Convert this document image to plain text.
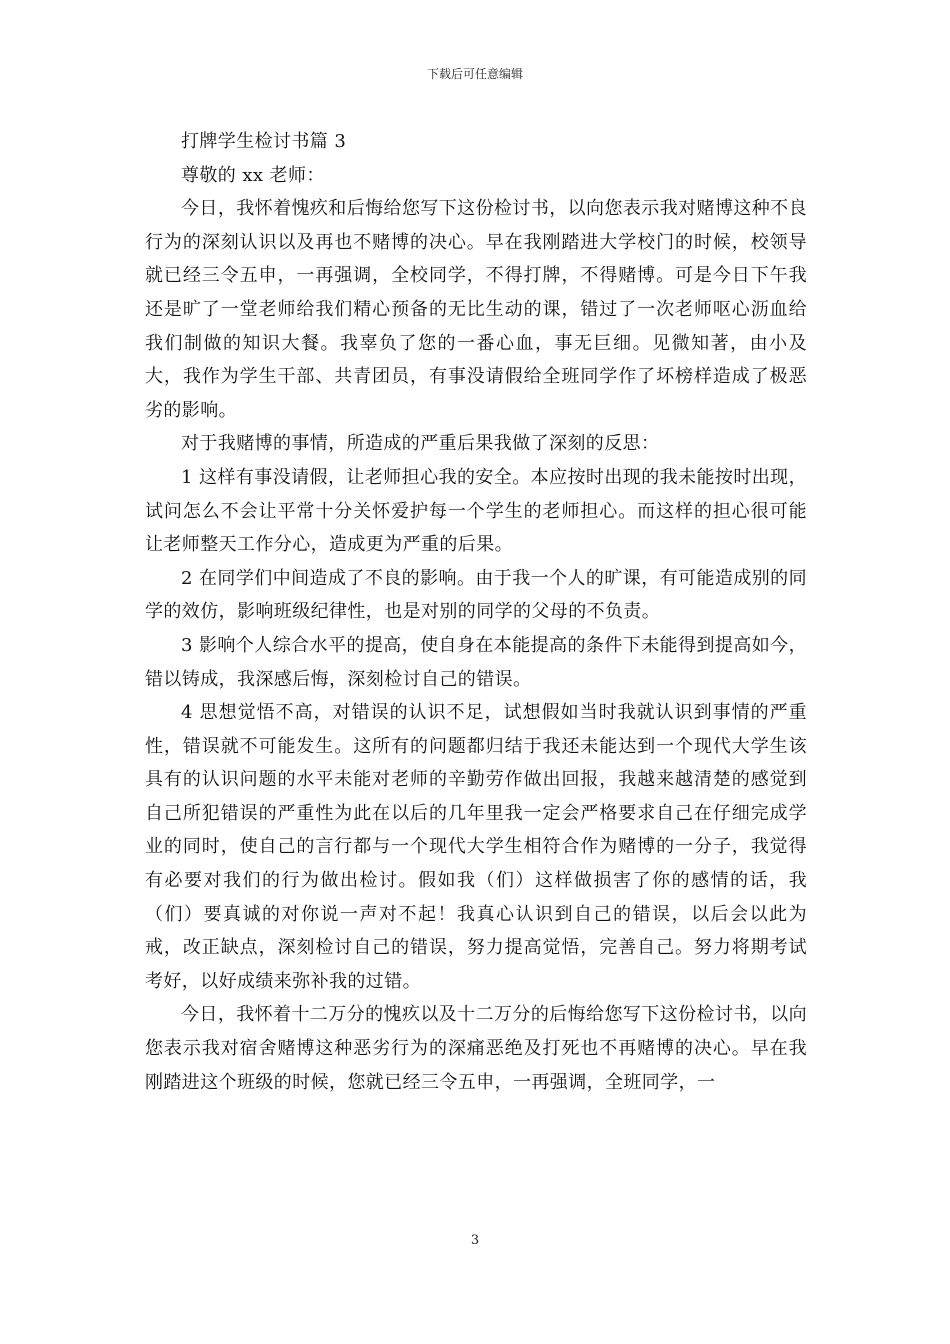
下载后可任意编辑

打牌学生检讨书篇 3

尊敬的 xx 老师：

今日，我怀着愧疚和后悔给您写下这份检讨书，以向您表示我对赌博这种不良行为的深刻认识以及再也不赌博的决心。早在我刚踏进大学校门的时候，校领导就已经三令五申，一再强调，全校同学，不得打牌，不得赌博。可是今日下午我还是旷了一堂老师给我们精心预备的无比生动的课，错过了一次老师呕心沥血给我们制做的知识大餐。我辜负了您的一番心血，事无巨细。见微知著，由小及大，我作为学生干部、共青团员，有事没请假给全班同学作了坏榜样造成了极恶劣的影响。

对于我赌博的事情，所造成的严重后果我做了深刻的反思：

1 这样有事没请假，让老师担心我的安全。本应按时出现的我未能按时出现，试问怎么不会让平常十分关怀爱护每一个学生的老师担心。而这样的担心很可能让老师整天工作分心，造成更为严重的后果。

2 在同学们中间造成了不良的影响。由于我一个人的旷课，有可能造成别的同学的效仿，影响班级纪律性，也是对别的同学的父母的不负责。

3 影响个人综合水平的提高，使自身在本能提高的条件下未能得到提高如今，错以铸成，我深感后悔，深刻检讨自己的错误。

4 思想觉悟不高，对错误的认识不足，试想假如当时我就认识到事情的严重性，错误就不可能发生。这所有的问题都归结于我还未能达到一个现代大学生该具有的认识问题的水平未能对老师的辛勤劳作做出回报，我越来越清楚的感觉到自己所犯错误的严重性为此在以后的几年里我一定会严格要求自己在仔细完成学业的同时，使自己的言行都与一个现代大学生相符合作为赌博的一分子，我觉得有必要对我们的行为做出检讨。假如我（们）这样做损害了你的感情的话，我（们）要真诚的对你说一声对不起！我真心认识到自己的错误，以后会以此为戒，改正缺点，深刻检讨自己的错误，努力提高觉悟，完善自己。努力将期考试考好，以好成绩来弥补我的过错。

今日，我怀着十二万分的愧疚以及十二万分的后悔给您写下这份检讨书，以向您表示我对宿舍赌博这种恶劣行为的深痛恶绝及打死也不再赌博的决心。早在我刚踏进这个班级的时候，您就已经三令五申，一再强调，全班同学，一

3
